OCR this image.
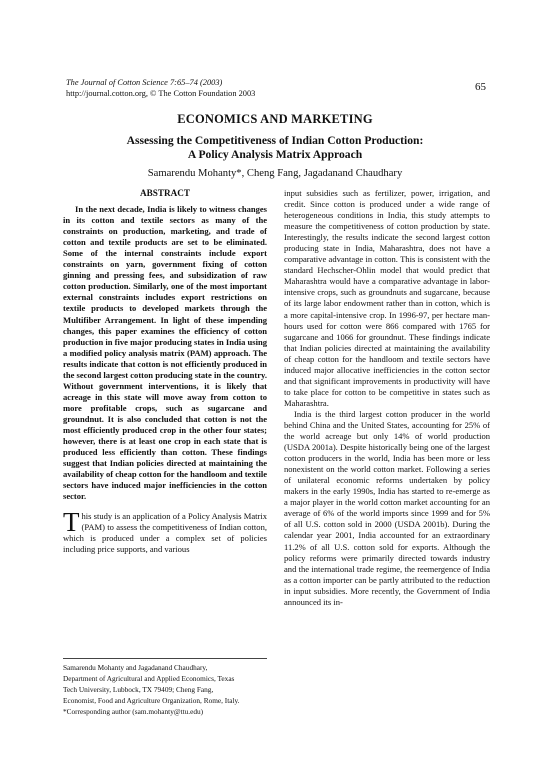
The Journal of Cotton Science 7:65–74 (2003)
http://journal.cotton.org, © The Cotton Foundation 2003	65
ECONOMICS AND MARKETING
Assessing the Competitiveness of Indian Cotton Production:
A Policy Analysis Matrix Approach
Samarendu Mohanty*, Cheng Fang, Jagadanand Chaudhary
ABSTRACT

In the next decade, India is likely to witness changes in its cotton and textile sectors as many of the constraints on production, marketing, and trade of cotton and textile products are set to be eliminated. Some of the internal constraints include export constraints on yarn, government fixing of cotton ginning and pressing fees, and subsidization of raw cotton production. Similarly, one of the most important external constraints includes export restrictions on textile products to developed markets through the Multifiber Arrangement. In light of these impending changes, this paper examines the efficiency of cotton production in five major producing states in India using a modified policy analysis matrix (PAM) approach. The results indicate that cotton is not efficiently produced in the second largest cotton producing state in the country. Without government interventions, it is likely that acreage in this state will move away from cotton to more profitable crops, such as sugarcane and groundnut. It is also concluded that cotton is not the most efficiently produced crop in the other four states; however, there is at least one crop in each state that is produced less efficiently than cotton. These findings suggest that Indian policies directed at maintaining the availability of cheap cotton for the handloom and textile sectors have induced major inefficiencies in the cotton sector.

This study is an application of a Policy Analysis Matrix (PAM) to assess the competitiveness of Indian cotton, which is produced under a complex set of policies including price supports, and various

Samarendu Mohanty and Jagadanand Chaudhary,
Department of Agricultural and Applied Economics, Texas
Tech University, Lubbock, TX 79409; Cheng Fang,
Economist, Food and Agriculture Organization, Rome, Italy.
*Corresponding author (sam.mohanty@ttu.edu)

input subsidies such as fertilizer, power, irrigation, and credit. Since cotton is produced under a wide range of heterogeneous conditions in India, this study attempts to measure the competitiveness of cotton production by state. Interestingly, the results indicate the second largest cotton producing state in India, Maharashtra, does not have a comparative advantage in cotton. This is consistent with the standard Hechscher-Ohlin model that would predict that Maharashtra would have a comparative advantage in labor-intensive crops, such as groundnuts and sugarcane, because of its large labor endowment rather than in cotton, which is a more capital-intensive crop. In 1996-97, per hectare man-hours used for cotton were 866 compared with 1765 for sugarcane and 1066 for groundnut. These findings indicate that Indian policies directed at maintaining the availability of cheap cotton for the handloom and textile sectors have induced major allocative inefficiencies in the cotton sector and that significant improvements in productivity will have to take place for cotton to be competitive in states such as Maharashtra.

India is the third largest cotton producer in the world behind China and the United States, accounting for 25% of the world acreage but only 14% of world production (USDA 2001a). Despite historically being one of the largest cotton producers in the world, India has been more or less nonexistent on the world cotton market. Following a series of unilateral economic reforms undertaken by policy makers in the early 1990s, India has started to re-emerge as a major player in the world cotton market accounting for an average of 6% of the world imports since 1999 and for 5% of all U.S. cotton sold in 2000 (USDA 2001b). During the calendar year 2001, India accounted for an extraordinary 11.2% of all U.S. cotton sold for exports. Although the policy reforms were primarily directed towards industry and the international trade regime, the reemergence of India as a cotton importer can be partly attributed to the reduction in input subsidies. More recently, the Government of India announced its in-
